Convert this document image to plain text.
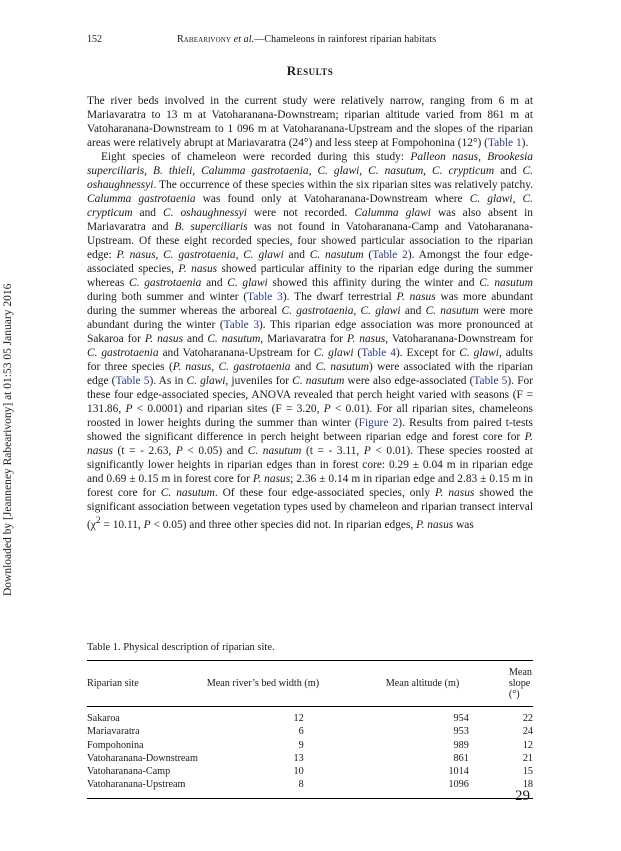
Downloaded by [Jeanneney Rabearivony] at 01:53 05 January 2016
152	Rabearivony et al.—Chameleons in rainforest riparian habitats
Results

The river beds involved in the current study were relatively narrow, ranging from 6 m at Mariavaratra to 13 m at Vatoharanana-Downstream; riparian altitude varied from 861 m at Vatoharanana-Downstream to 1 096 m at Vatoharanana-Upstream and the slopes of the riparian areas were relatively abrupt at Mariavaratra (24°) and less steep at Fompohonina (12°) (Table 1).

Eight species of chameleon were recorded during this study: Palleon nasus, Brookesia superciliaris, B. thieli, Calumma gastrotaenia, C. glawi, C. nasutum, C. crypticum and C. oshaughnessyi. The occurrence of these species within the six riparian sites was relatively patchy. Calumma gastrotaenia was found only at Vatoharanana-Downstream where C. glawi, C. crypticum and C. oshaughnessyi were not recorded. Calumma glawi was also absent in Mariavaratra and B. superciliaris was not found in Vatoharanana-Camp and Vatoharanana-Upstream. Of these eight recorded species, four showed particular association to the riparian edge: P. nasus, C. gastrotaenia, C. glawi and C. nasutum (Table 2). Amongst the four edge-associated species, P. nasus showed particular affinity to the riparian edge during the summer whereas C. gastrotaenia and C. glawi showed this affinity during the winter and C. nasutum during both summer and winter (Table 3). The dwarf terrestrial P. nasus was more abundant during the summer whereas the arboreal C. gastrotaenia, C. glawi and C. nasutum were more abundant during the winter (Table 3). This riparian edge association was more pronounced at Sakaroa for P. nasus and C. nasutum, Mariavaratra for P. nasus, Vatoharanana-Downstream for C. gastrotaenia and Vatoharanana-Upstream for C. glawi (Table 4). Except for C. glawi, adults for three species (P. nasus, C. gastrotaenia and C. nasutum) were associated with the riparian edge (Table 5). As in C. glawi, juveniles for C. nasutum were also edge-associated (Table 5). For these four edge-associated species, ANOVA revealed that perch height varied with seasons (F = 131.86, P < 0.0001) and riparian sites (F = 3.20, P < 0.01). For all riparian sites, chameleons roosted in lower heights during the summer than winter (Figure 2). Results from paired t-tests showed the significant difference in perch height between riparian edge and forest core for P. nasus (t = - 2.63, P < 0.05) and C. nasutum (t = - 3.11, P < 0.01). These species roosted at significantly lower heights in riparian edges than in forest core: 0.29 ± 0.04 m in riparian edge and 0.69 ± 0.15 m in forest core for P. nasus; 2.36 ± 0.14 m in riparian edge and 2.83 ± 0.15 m in forest core for C. nasutum. Of these four edge-associated species, only P. nasus showed the significant association between vegetation types used by chameleon and riparian transect interval ($\chi^2 = 10.11$, P < 0.05) and three other species did not. In riparian edges, P. nasus was

Table 1. Physical description of riparian site.
Riparian site	Mean river’s bed width (m)	Mean altitude (m)	Mean slope (°)
Sakaroa	12	954	22
Mariavaratra	6	953	24
Fompohonina	9	989	12
Vatoharanana-Downstream	13	861	21
Vatoharanana-Camp	10	1014	15
Vatoharanana-Upstream	8	1096	18
29
